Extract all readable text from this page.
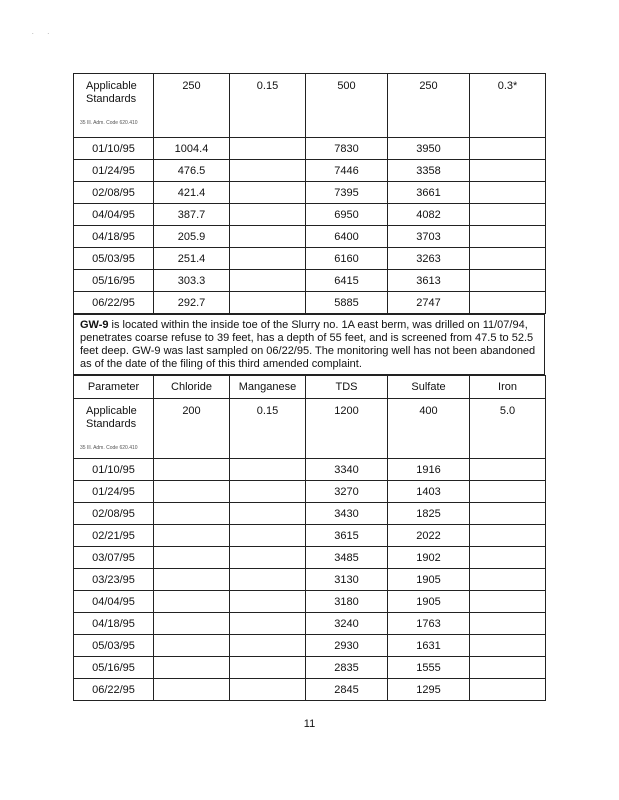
. .
Applicable Standards
35 Ill. Adm. Code 620.410	250	0.15	500	250	0.3*
01/10/95	1004.4		7830	3950	
01/24/95	476.5		7446	3358	
02/08/95	421.4		7395	3661	
04/04/95	387.7		6950	4082	
04/18/95	205.9		6400	3703	
05/03/95	251.4		6160	3263	
05/16/95	303.3		6415	3613	
06/22/95	292.7		5885	2747	
GW-9 is located within the inside toe of the Slurry no. 1A east berm, was drilled on 11/07/94, penetrates coarse refuse to 39 feet, has a depth of 55 feet, and is screened from 47.5 to 52.5 feet deep. GW-9 was last sampled on 06/22/95. The monitoring well has not been abandoned as of the date of the filing of this third amended complaint.
Parameter	Chloride	Manganese	TDS	Sulfate	Iron

Applicable Standards
35 Ill. Adm. Code 620.410	200	0.15	1200	400	5.0
01/10/95			3340	1916	
01/24/95			3270	1403	
02/08/95			3430	1825	
02/21/95			3615	2022	
03/07/95			3485	1902	
03/23/95			3130	1905	
04/04/95			3180	1905	
04/18/95			3240	1763	
05/03/95			2930	1631	
05/16/95			2835	1555	
06/22/95			2845	1295	
11
